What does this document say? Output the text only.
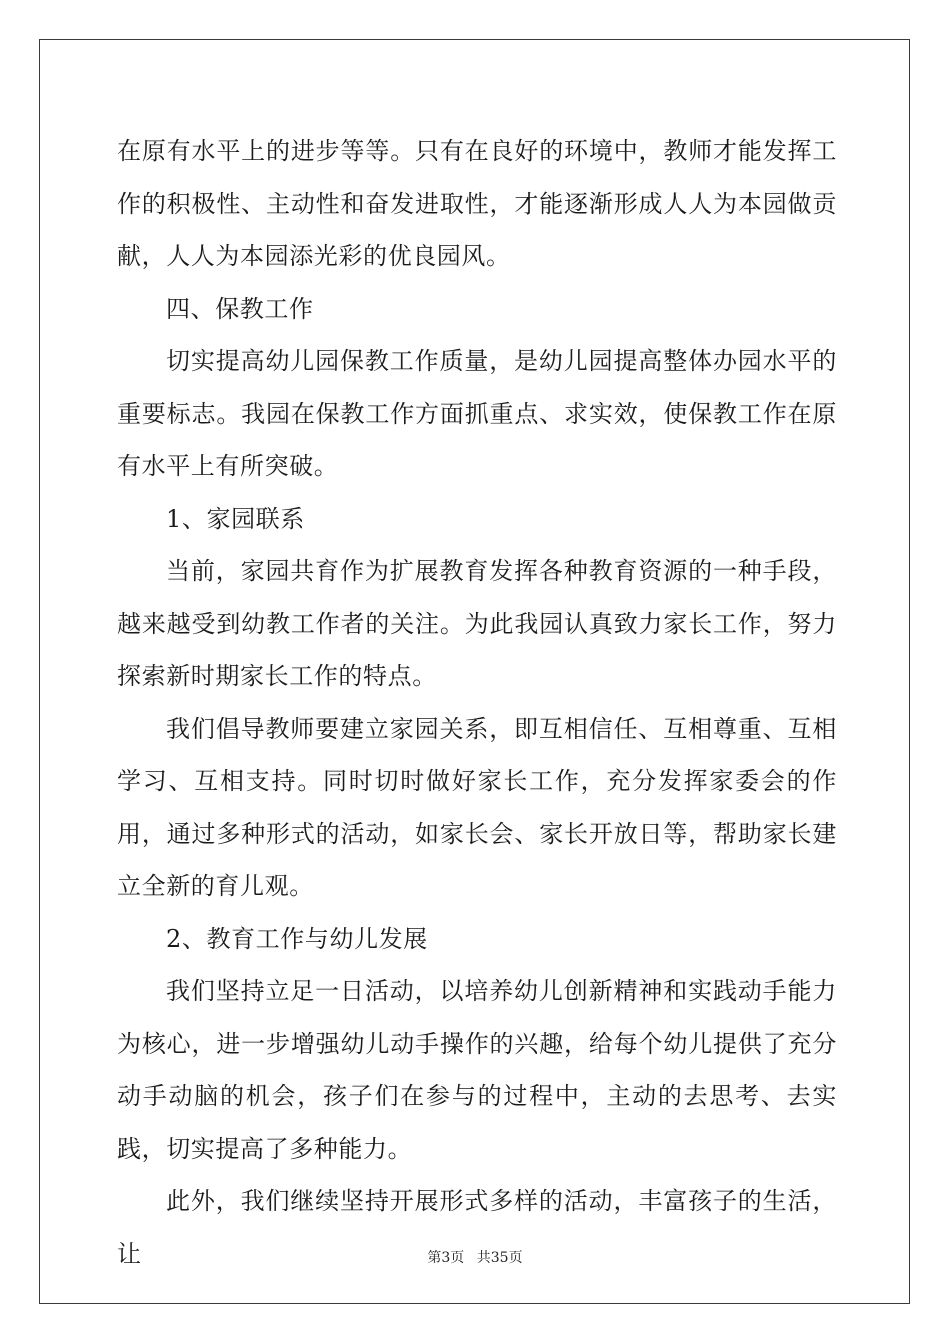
在原有水平上的进步等等。只有在良好的环境中，教师才能发挥工作的积极性、主动性和奋发进取性，才能逐渐形成人人为本园做贡献，人人为本园添光彩的优良园风。

四、保教工作

切实提高幼儿园保教工作质量，是幼儿园提高整体办园水平的重要标志。我园在保教工作方面抓重点、求实效，使保教工作在原有水平上有所突破。

1、家园联系

当前，家园共育作为扩展教育发挥各种教育资源的一种手段，越来越受到幼教工作者的关注。为此我园认真致力家长工作，努力探索新时期家长工作的特点。

我们倡导教师要建立家园关系，即互相信任、互相尊重、互相学习、互相支持。同时切时做好家长工作，充分发挥家委会的作用，通过多种形式的活动，如家长会、家长开放日等，帮助家长建立全新的育儿观。

2、教育工作与幼儿发展

我们坚持立足一日活动，以培养幼儿创新精神和实践动手能力为核心，进一步增强幼儿动手操作的兴趣，给每个幼儿提供了充分动手动脑的机会，孩子们在参与的过程中，主动的去思考、去实践，切实提高了多种能力。

此外，我们继续坚持开展形式多样的活动，丰富孩子的生活，让	第3页 共35页
